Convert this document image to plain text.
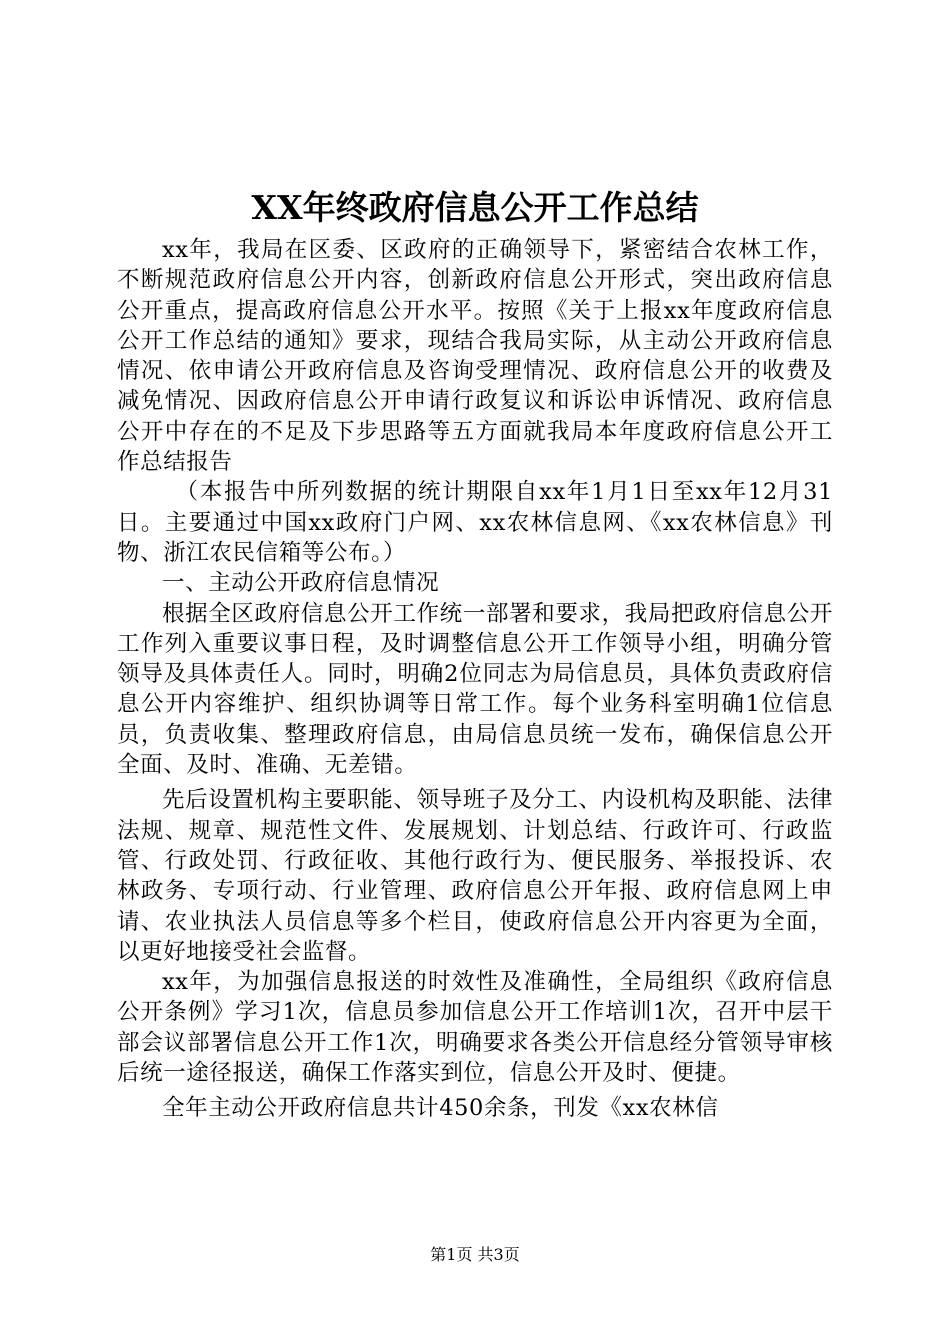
XX年终政府信息公开工作总结

xx年，我局在区委、区政府的正确领导下，紧密结合农林工作，不断规范政府信息公开内容，创新政府信息公开形式，突出政府信息公开重点，提高政府信息公开水平。按照《关于上报xx年度政府信息公开工作总结的通知》要求，现结合我局实际，从主动公开政府信息情况、依申请公开政府信息及咨询受理情况、政府信息公开的收费及减免情况、因政府信息公开申请行政复议和诉讼申诉情况、政府信息公开中存在的不足及下步思路等五方面就我局本年度政府信息公开工作总结报告

（本报告中所列数据的统计期限自xx年1月1日至xx年12月31日。主要通过中国xx政府门户网、xx农林信息网、《xx农林信息》刊物、浙江农民信箱等公布。）

一、主动公开政府信息情况

根据全区政府信息公开工作统一部署和要求，我局把政府信息公开工作列入重要议事日程，及时调整信息公开工作领导小组，明确分管领导及具体责任人。同时，明确2位同志为局信息员，具体负责政府信息公开内容维护、组织协调等日常工作。每个业务科室明确1位信息员，负责收集、整理政府信息，由局信息员统一发布，确保信息公开全面、及时、准确、无差错。

先后设置机构主要职能、领导班子及分工、内设机构及职能、法律法规、规章、规范性文件、发展规划、计划总结、行政许可、行政监管、行政处罚、行政征收、其他行政行为、便民服务、举报投诉、农林政务、专项行动、行业管理、政府信息公开年报、政府信息网上申请、农业执法人员信息等多个栏目，使政府信息公开内容更为全面，以更好地接受社会监督。

xx年，为加强信息报送的时效性及准确性，全局组织《政府信息公开条例》学习1次，信息员参加信息公开工作培训1次，召开中层干部会议部署信息公开工作1次，明确要求各类公开信息经分管领导审核后统一途径报送，确保工作落实到位，信息公开及时、便捷。

全年主动公开政府信息共计450余条，刊发《xx农林信

第1页 共3页
